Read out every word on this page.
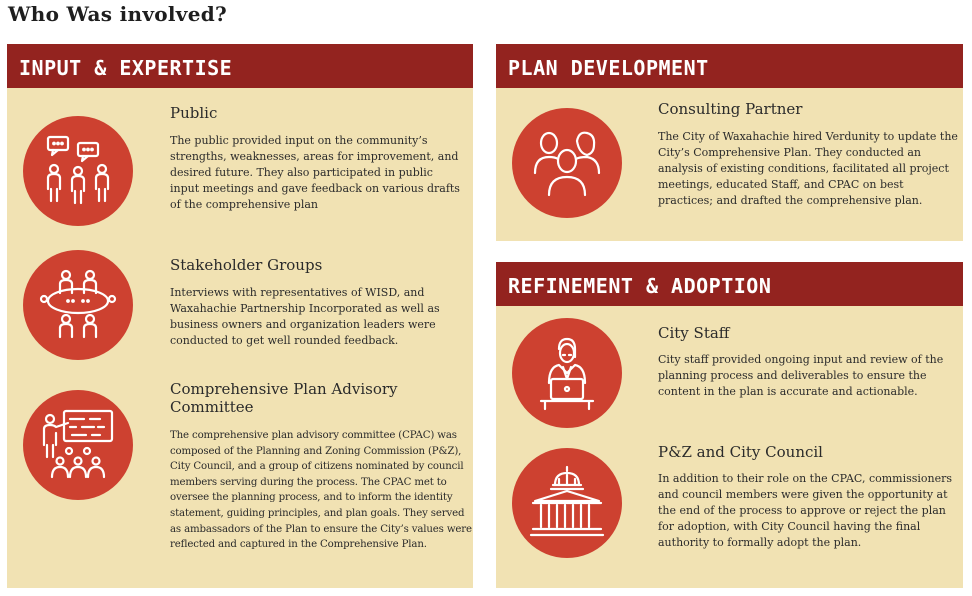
Who Was involved?
INPUT & EXPERTISE
Public
The public provided input on the community’s strengths, weaknesses, areas for improvement, and desired future. They also participated in public input meetings and gave feedback on various drafts of the comprehensive plan
Stakeholder Groups
Interviews with representatives of WISD, and Waxahachie Partnership Incorporated as well as business owners and organization leaders were conducted to get well rounded feedback.
Comprehensive Plan Advisory Committee
The comprehensive plan advisory committee (CPAC) was composed of the Planning and Zoning Commission (P&Z), City Council, and a group of citizens nominated by council members serving during the process. The CPAC met to oversee the planning process, and to inform the identity statement, guiding principles, and plan goals. They served as ambassadors of the Plan to ensure the City’s values were reflected and captured in the Comprehensive Plan.
PLAN DEVELOPMENT
Consulting Partner
The City of Waxahachie hired Verdunity to update the City’s Comprehensive Plan. They conducted an analysis of existing conditions, facilitated all project meetings, educated Staff, and CPAC on best practices; and drafted the comprehensive plan.
REFINEMENT & ADOPTION
City Staff
City staff provided ongoing input and review of the planning process and deliverables to ensure the content in the plan is accurate and actionable.
P&Z and City Council
In addition to their role on the CPAC, commissioners and council members were given the opportunity at the end of the process to approve or reject the plan for adoption, with City Council having the final authority to formally adopt the plan.
